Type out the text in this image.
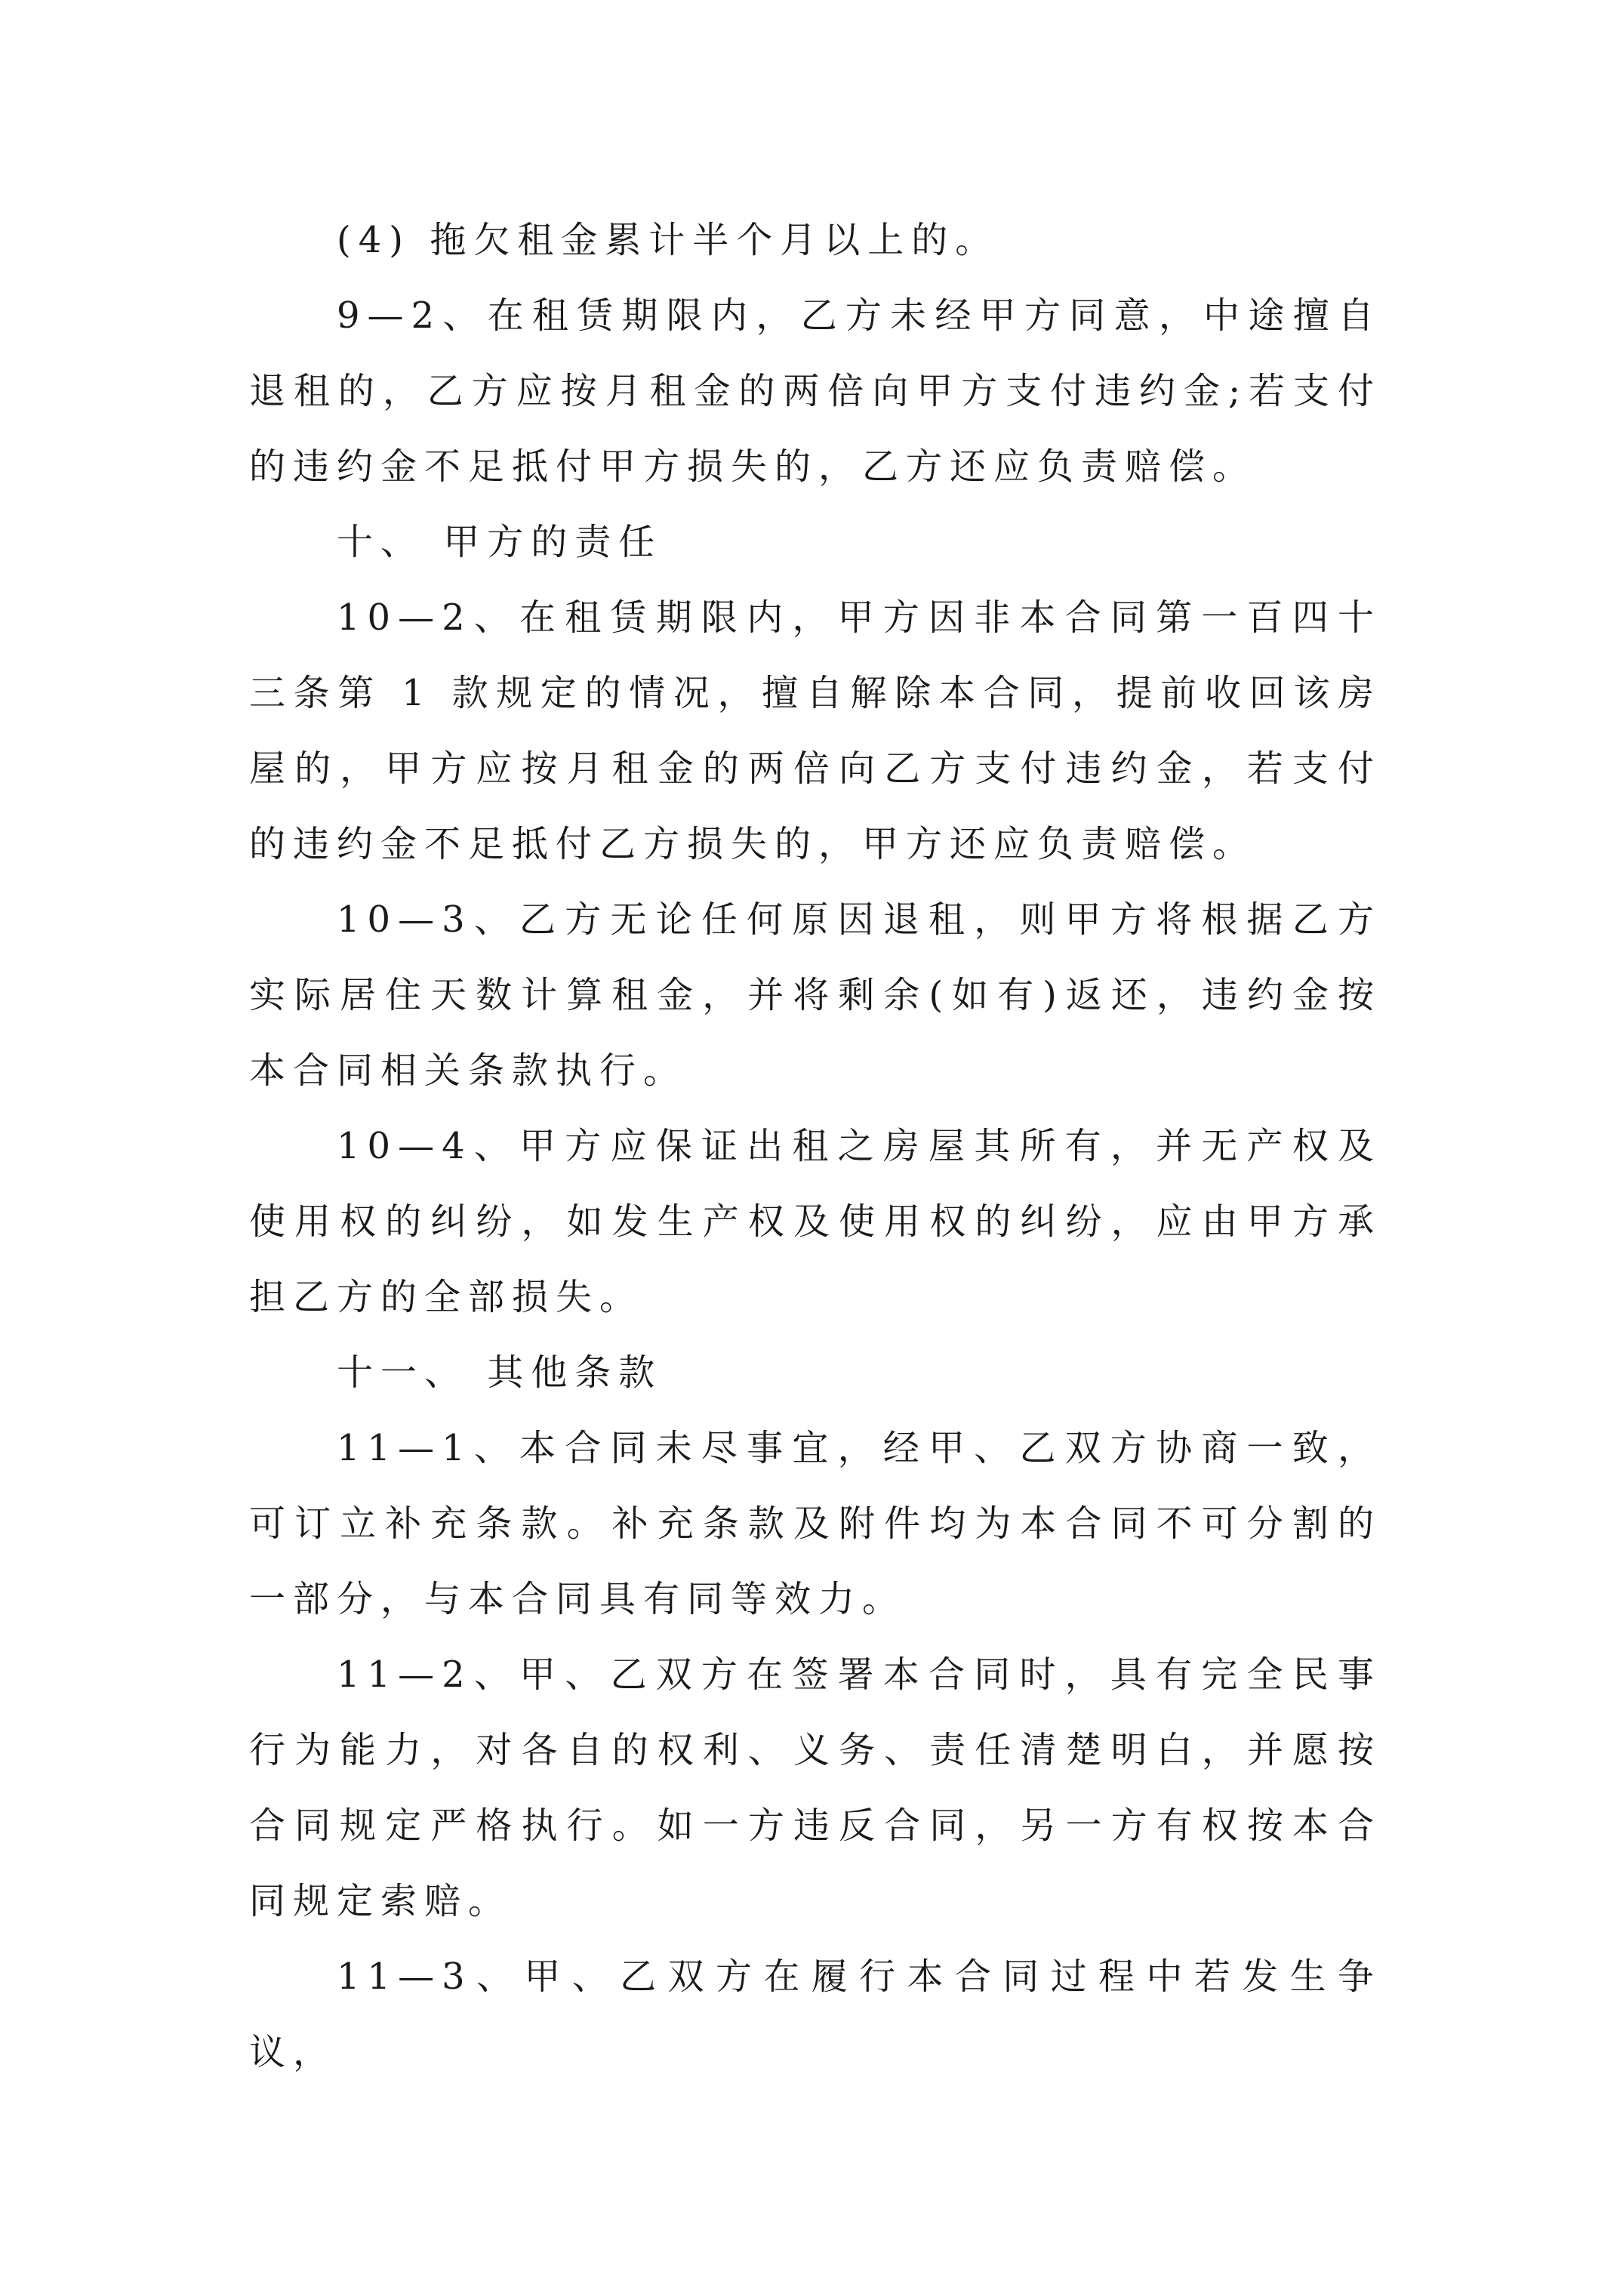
(4) 拖欠租金累计半个月以上的。

9—2、在租赁期限内，乙方未经甲方同意，中途擅自退租的，乙方应按月租金的两倍向甲方支付违约金;若支付的违约金不足抵付甲方损失的，乙方还应负责赔偿。

十、 甲方的责任

10—2、在租赁期限内，甲方因非本合同第一百四十三条第 1 款规定的情况，擅自解除本合同，提前收回该房屋的，甲方应按月租金的两倍向乙方支付违约金，若支付的违约金不足抵付乙方损失的，甲方还应负责赔偿。

10—3、乙方无论任何原因退租，则甲方将根据乙方实际居住天数计算租金，并将剩余(如有)返还，违约金按本合同相关条款执行。

10—4、甲方应保证出租之房屋其所有，并无产权及使用权的纠纷，如发生产权及使用权的纠纷，应由甲方承担乙方的全部损失。

十一、 其他条款

11—1、本合同未尽事宜，经甲、乙双方协商一致，可订立补充条款。补充条款及附件均为本合同不可分割的一部分，与本合同具有同等效力。

11—2、甲、乙双方在签署本合同时，具有完全民事行为能力，对各自的权利、义务、责任清楚明白，并愿按合同规定严格执行。如一方违反合同，另一方有权按本合同规定索赔。

11—3、甲、乙双方在履行本合同过程中若发生争议，
